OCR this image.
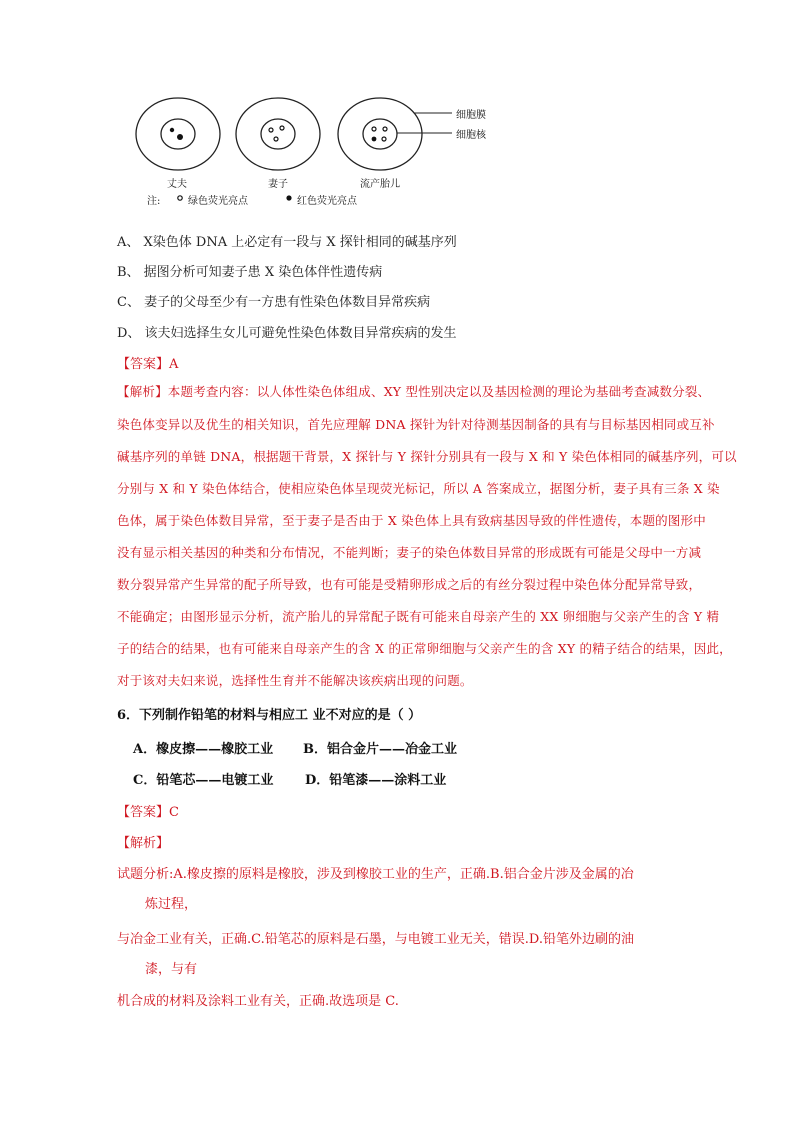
细胞膜
细胞核
丈夫	妻子	流产胎儿
注:	绿色荧光亮点	红色荧光亮点
A、 X染色体 DNA 上必定有一段与 X 探针相同的碱基序列
B、 据图分析可知妻子患 X 染色体伴性遗传病
C、 妻子的父母至少有一方患有性染色体数目异常疾病
D、 该夫妇选择生女儿可避免性染色体数目异常疾病的发生
【答案】A
【解析】本题考查内容：以人体性染色体组成、XY 型性别决定以及基因检测的理论为基础考查减数分裂、
染色体变异以及优生的相关知识，首先应理解 DNA 探针为针对待测基因制备的具有与目标基因相同或互补
碱基序列的单链 DNA，根据题干背景，X 探针与 Y 探针分别具有一段与 X 和 Y 染色体相同的碱基序列，可以
分别与 X 和 Y 染色体结合，使相应染色体呈现荧光标记，所以 A 答案成立，据图分析，妻子具有三条 X 染
色体，属于染色体数目异常，至于妻子是否由于 X 染色体上具有致病基因导致的伴性遗传，本题的图形中
没有显示相关基因的种类和分布情况，不能判断；妻子的染色体数目异常的形成既有可能是父母中一方减
数分裂异常产生异常的配子所导致，也有可能是受精卵形成之后的有丝分裂过程中染色体分配异常导致，
不能确定；由图形显示分析，流产胎儿的异常配子既有可能来自母亲产生的 XX 卵细胞与父亲产生的含 Y 精
子的结合的结果，也有可能来自母亲产生的含 X 的正常卵细胞与父亲产生的含 XY 的精子结合的结果，因此，
对于该对夫妇来说，选择性生育并不能解决该疾病出现的问题。
6．下列制作铅笔的材料与相应工 业不对应的是（ ）
A．橡皮擦——橡胶工业 B．铝合金片——冶金工业
C．铅笔芯——电镀工业 D．铅笔漆——涂料工业
【答案】C
【解析】
试题分析:A.橡皮擦的原料是橡胶，涉及到橡胶工业的生产，正确.B.铝合金片涉及金属的冶
炼过程，
与冶金工业有关，正确.C.铅笔芯的原料是石墨，与电镀工业无关，错误.D.铅笔外边刷的油
漆，与有
机合成的材料及涂料工业有关，正确.故选项是 C.
